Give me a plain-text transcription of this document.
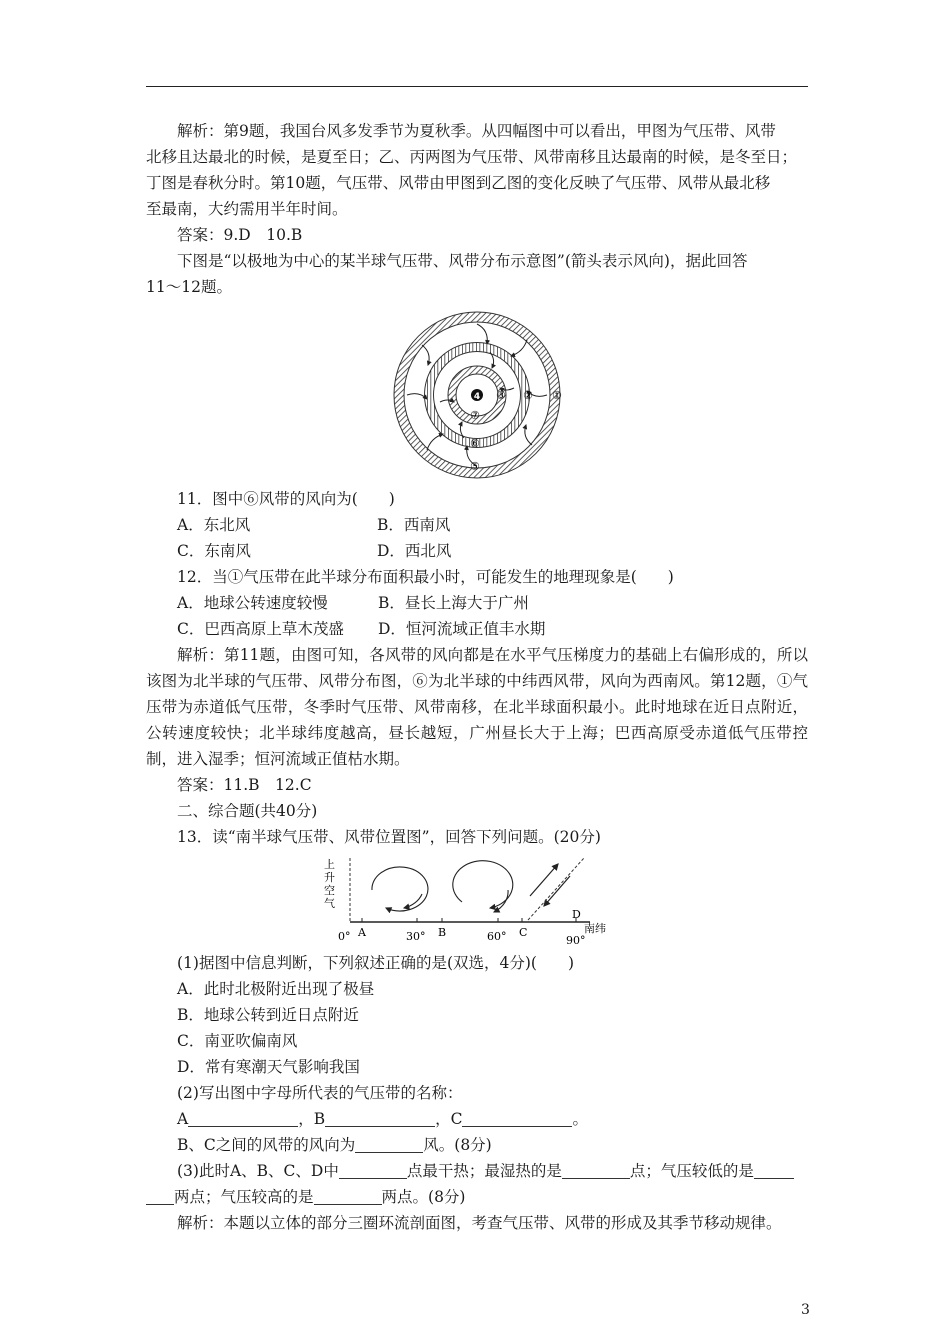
解析：第9题，我国台风多发季节为夏秋季。从四幅图中可以看出，甲图为气压带、风带

北移且达最北的时候，是夏至日；乙、丙两图为气压带、风带南移且达最南的时候，是冬至日；

丁图是春秋分时。第10题，气压带、风带由甲图到乙图的变化反映了气压带、风带从最北移

至最南，大约需用半年时间。

答案：9.D　10.B

下图是“以极地为中心的某半球气压带、风带分布示意图”(箭头表示风向)，据此回答

11～12题。

4	①
②
③
⑤
⑥
⑦

11．图中⑥风带的风向为(　　)

A．东北风	B．西南风
C．东南风	D．西北风

12．当①气压带在此半球分布面积最小时，可能发生的地理现象是(　　)

A．地球公转速度较慢	B．昼长上海大于广州
C．巴西高原上草木茂盛	D．恒河流域正值丰水期

解析：第11题，由图可知，各风带的风向都是在水平气压梯度力的基础上右偏形成的，所以该图为北半球的气压带、风带分布图，⑥为北半球的中纬西风带，风向为西南风。第12题，①气压带为赤道低气压带，冬季时气压带、风带南移，在北半球面积最小。此时地球在近日点附近，公转速度较快；北半球纬度越高，昼长越短，广州昼长大于上海；巴西高原受赤道低气压带控制，进入湿季；恒河流域正值枯水期。

答案：11.B　12.C

二、综合题(共40分)

13．读“南半球气压带、风带位置图”，回答下列问题。(20分)

上
升
空
气
0°	30°	60°	90°
A	B	C
D
南纬

(1)据图中信息判断，下列叙述正确的是(双选，4分)(　　)

A．此时北极附近出现了极昼

B．地球公转到近日点附近

C．南亚吹偏南风

D．常有寒潮天气影响我国

(2)写出图中字母所代表的气压带的名称：

A	，B	，C	。

B、C之间的风带的风向为	风。(8分)

(3)此时A、B、C、D中	点最干热；最湿热的是	点；气压较低的是

两点；气压较高的是	两点。(8分)

解析：本题以立体的部分三圈环流剖面图，考查气压带、风带的形成及其季节移动规律。

3
